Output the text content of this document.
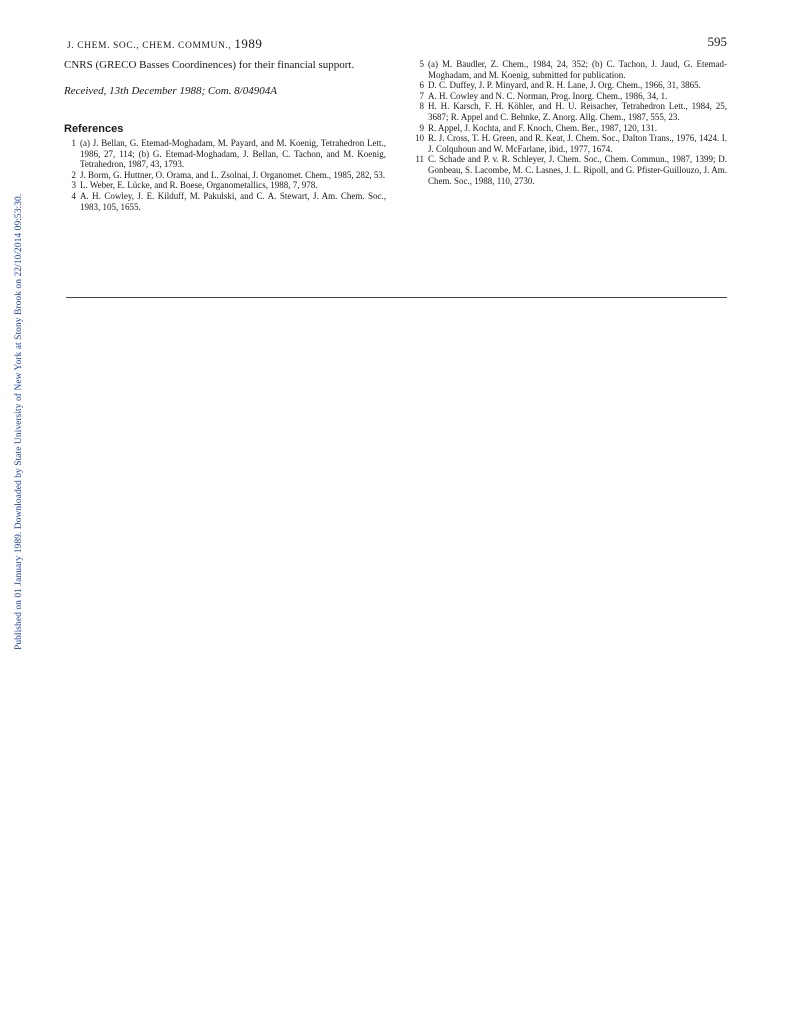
Published on 01 January 1989. Downloaded by State University of New York at Stony Brook on 22/10/2014 09:53:30.
J. CHEM. SOC., CHEM. COMMUN., 1989	595

CNRS (GRECO Basses Coordinences) for their financial support.

Received, 13th December 1988; Com. 8/04904A

References
1 (a) J. Bellan, G. Etemad-Moghadam, M. Payard, and M. Koenig, Tetrahedron Lett., 1986, 27, 114; (b) G. Etemad-Moghadam, J. Bellan, C. Tachon, and M. Koenig, Tetrahedron, 1987, 43, 1793.
2 J. Borm, G. Huttner, O. Orama, and L. Zsolnai, J. Organomet. Chem., 1985, 282, 53.
3 L. Weber, E. Lücke, and R. Boese, Organometallics, 1988, 7, 978.
4 A. H. Cowley, J. E. Kilduff, M. Pakulski, and C. A. Stewart, J. Am. Chem. Soc., 1983, 105, 1655.
5 (a) M. Baudler, Z. Chem., 1984, 24, 352; (b) C. Tachon, J. Jaud, G. Etemad-Moghadam, and M. Koenig, submitted for publication.
6 D. C. Duffey, J. P. Minyard, and R. H. Lane, J. Org. Chem., 1966, 31, 3865.
7 A. H. Cowley and N. C. Norman, Prog. Inorg. Chem., 1986, 34, 1.
8 H. H. Karsch, F. H. Köhler, and H. U. Reisacher, Tetrahedron Lett., 1984, 25, 3687; R. Appel and C. Behnke, Z. Anorg. Allg. Chem., 1987, 555, 23.
9 R. Appel, J. Kochta, and F. Knoch, Chem. Ber., 1987, 120, 131.
10 R. J. Cross, T. H. Green, and R. Keat, J. Chem. Soc., Dalton Trans., 1976, 1424. I. J. Colquhoun and W. McFarlane, ibid., 1977, 1674.
11 C. Schade and P. v. R. Schleyer, J. Chem. Soc., Chem. Commun., 1987, 1399; D. Gonbeau, S. Lacombe, M. C. Lasnes, J. L. Ripoll, and G. Pfister-Guillouzo, J. Am. Chem. Soc., 1988, 110, 2730.
